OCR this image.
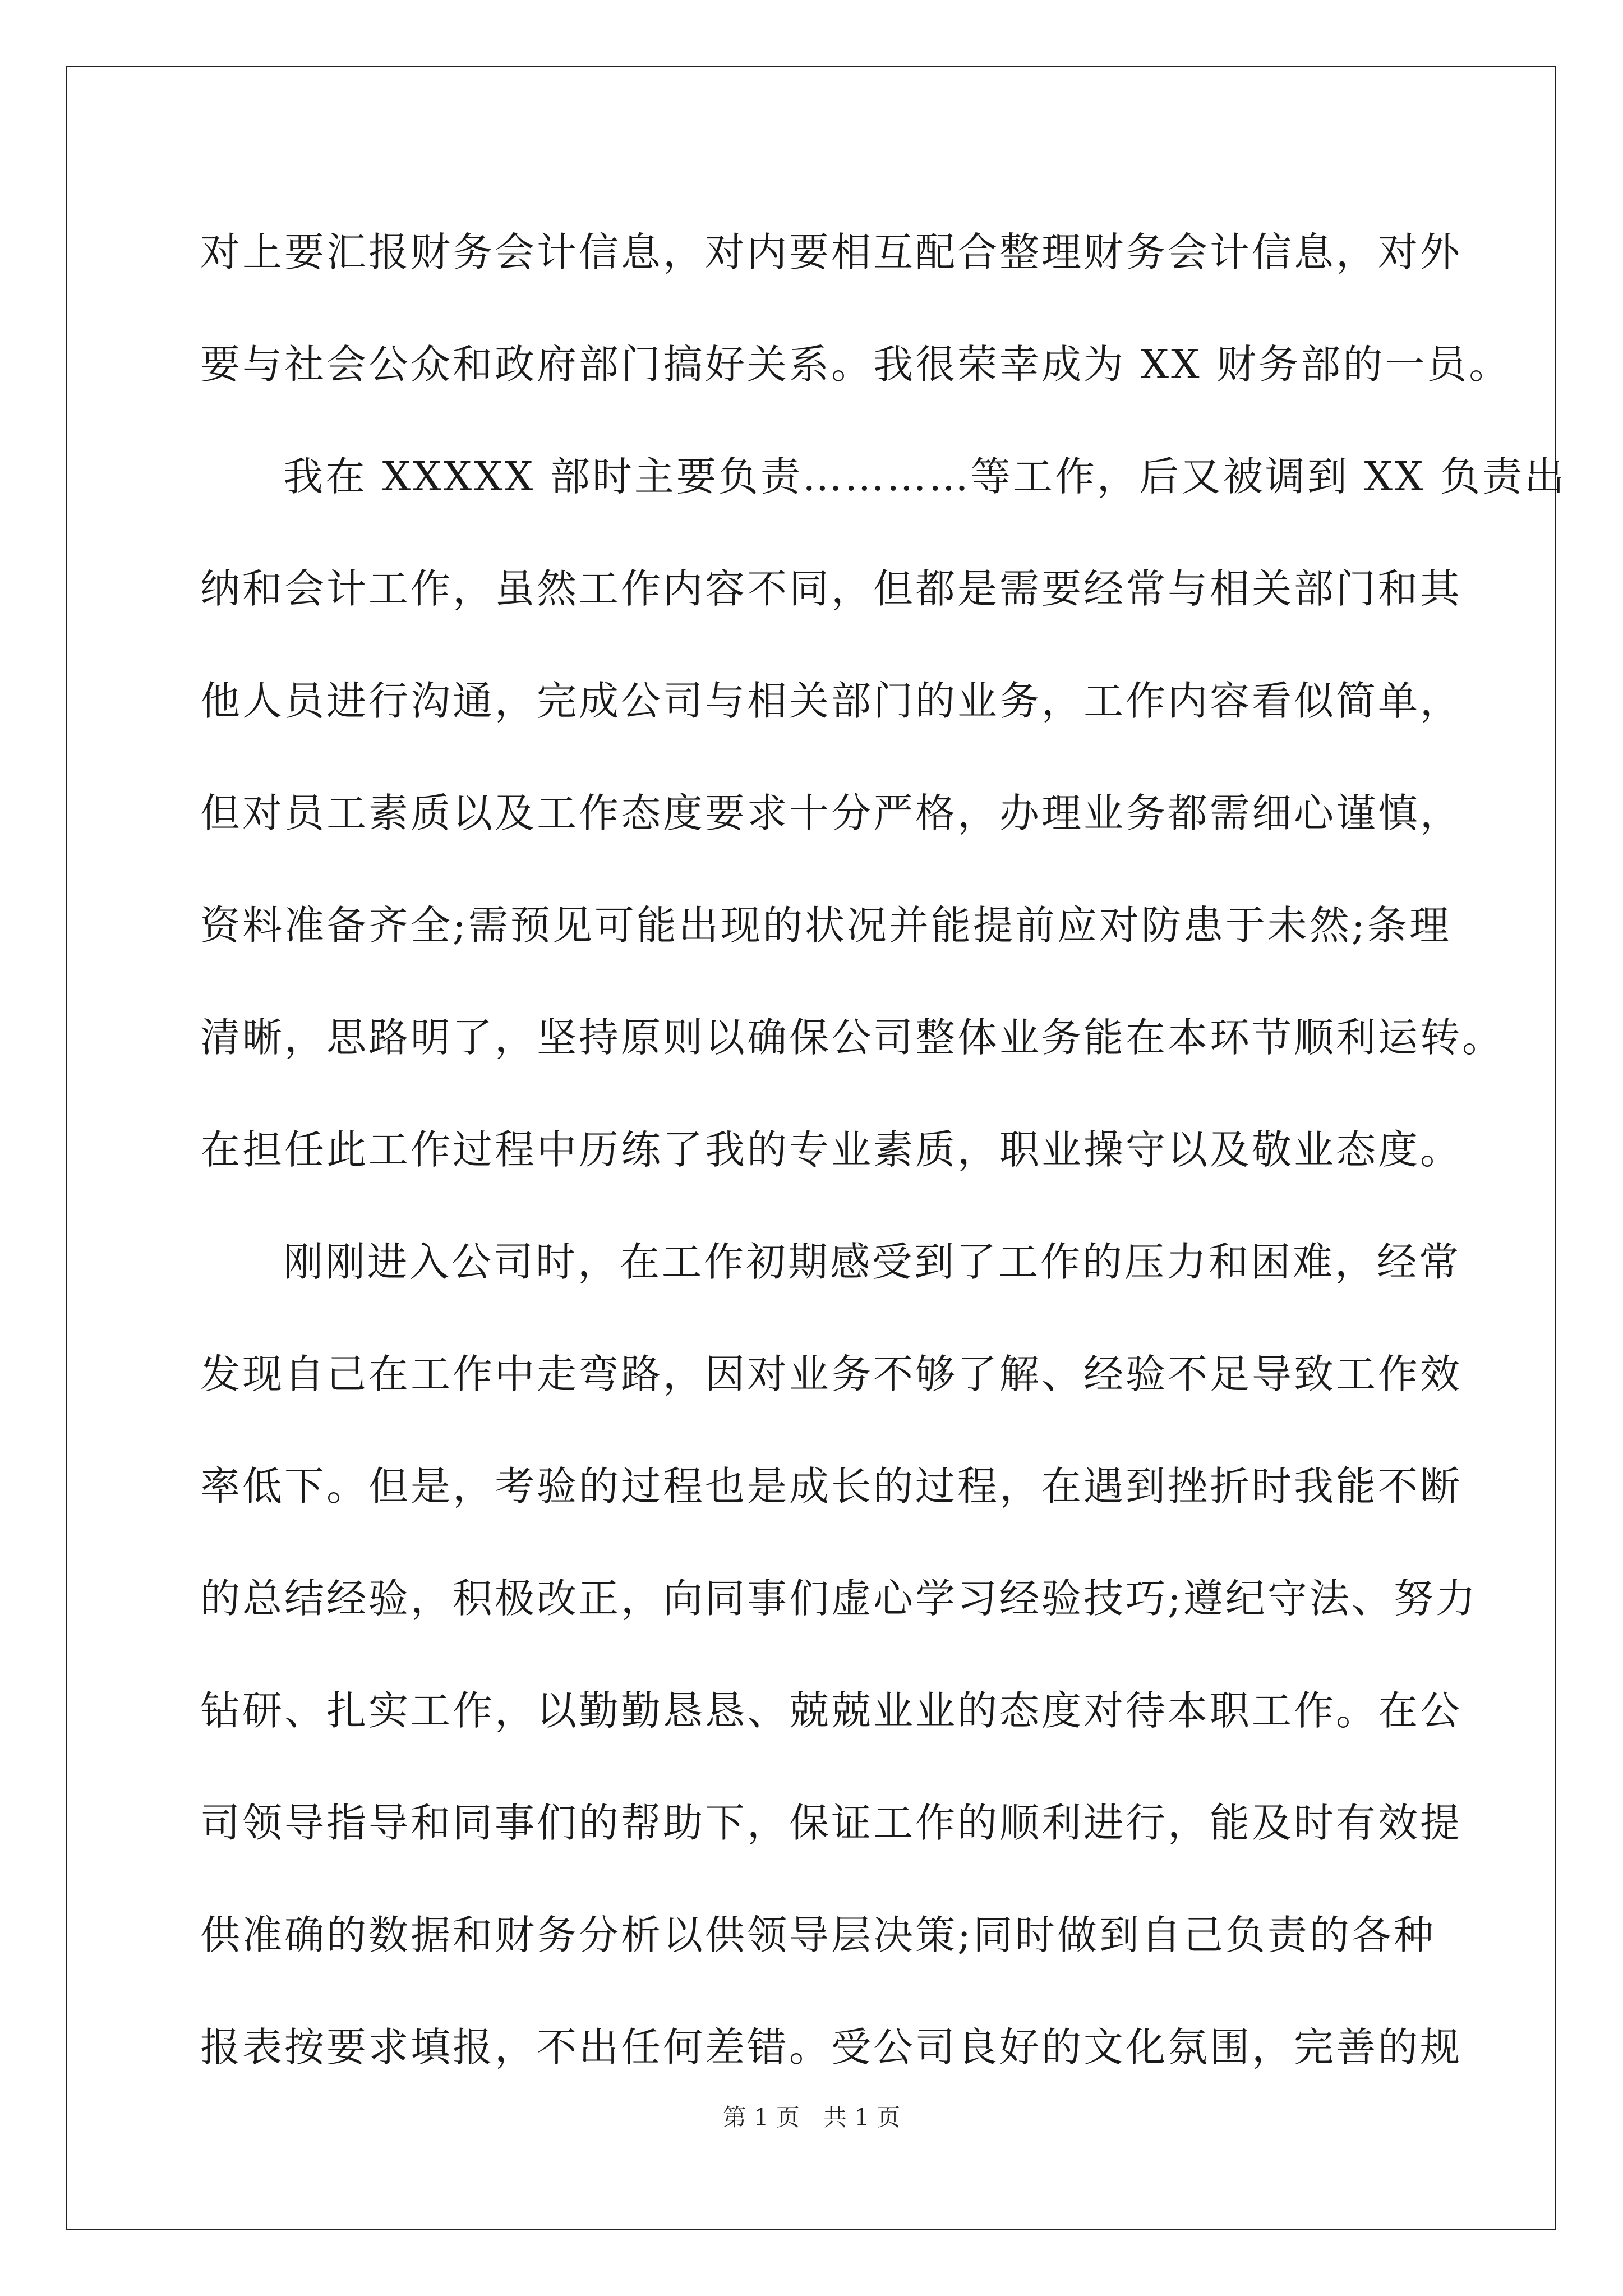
对上要汇报财务会计信息，对内要相互配合整理财务会计信息，对外
要与社会公众和政府部门搞好关系。我很荣幸成为 XX 财务部的一员。
我在 XXXXX 部时主要负责…………等工作，后又被调到 XX 负责出
纳和会计工作，虽然工作内容不同，但都是需要经常与相关部门和其
他人员进行沟通，完成公司与相关部门的业务，工作内容看似简单，
但对员工素质以及工作态度要求十分严格，办理业务都需细心谨慎，
资料准备齐全;需预见可能出现的状况并能提前应对防患于未然;条理
清晰，思路明了，坚持原则以确保公司整体业务能在本环节顺利运转。
在担任此工作过程中历练了我的专业素质，职业操守以及敬业态度。
刚刚进入公司时，在工作初期感受到了工作的压力和困难，经常
发现自己在工作中走弯路，因对业务不够了解、经验不足导致工作效
率低下。但是，考验的过程也是成长的过程，在遇到挫折时我能不断
的总结经验，积极改正，向同事们虚心学习经验技巧;遵纪守法、努力
钻研、扎实工作，以勤勤恳恳、兢兢业业的态度对待本职工作。在公
司领导指导和同事们的帮助下，保证工作的顺利进行，能及时有效提
供准确的数据和财务分析以供领导层决策;同时做到自己负责的各种
报表按要求填报，不出任何差错。受公司良好的文化氛围，完善的规
第 1 页　共 1 页
